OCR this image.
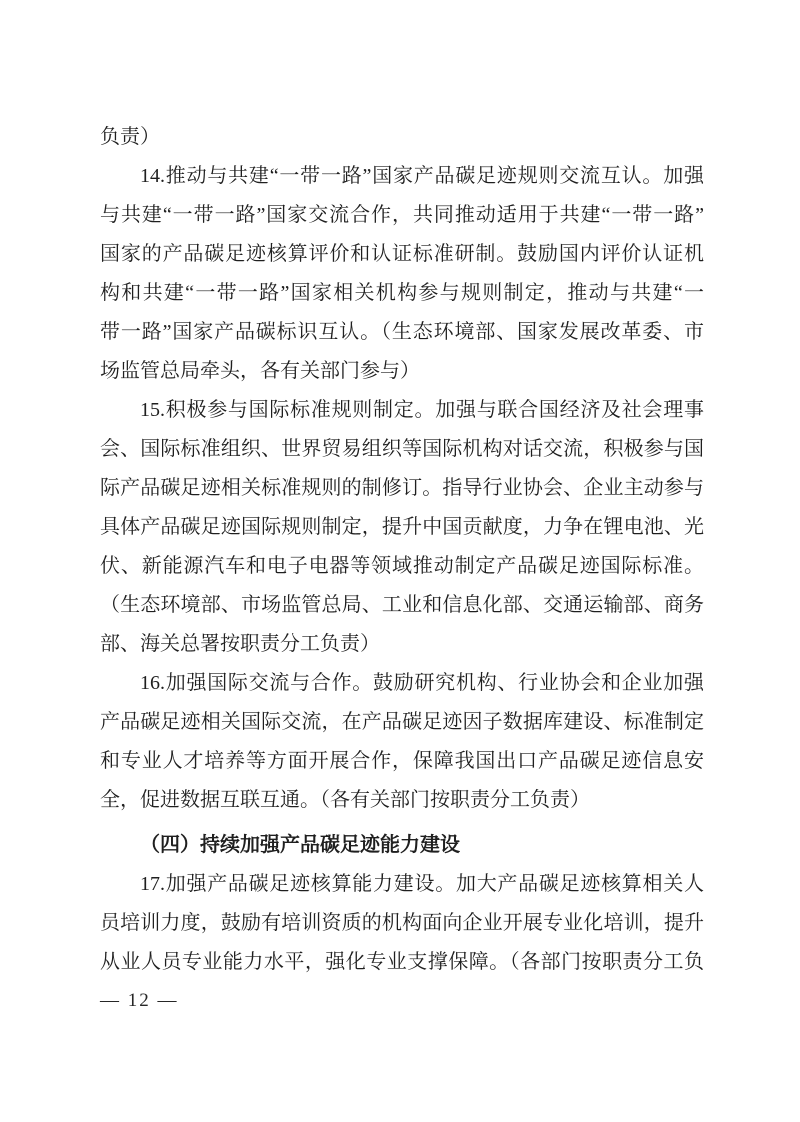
负责）
14.推动与共建“一带一路”国家产品碳足迹规则交流互认。加强
与共建“一带一路”国家交流合作，共同推动适用于共建“一带一路”
国家的产品碳足迹核算评价和认证标准研制。鼓励国内评价认证机
构和共建“一带一路”国家相关机构参与规则制定，推动与共建“一
带一路”国家产品碳标识互认。（生态环境部、国家发展改革委、市
场监管总局牵头，各有关部门参与）
15.积极参与国际标准规则制定。加强与联合国经济及社会理事
会、国际标准组织、世界贸易组织等国际机构对话交流，积极参与国
际产品碳足迹相关标准规则的制修订。指导行业协会、企业主动参与
具体产品碳足迹国际规则制定，提升中国贡献度，力争在锂电池、光
伏、新能源汽车和电子电器等领域推动制定产品碳足迹国际标准。
（生态环境部、市场监管总局、工业和信息化部、交通运输部、商务
部、海关总署按职责分工负责）
16.加强国际交流与合作。鼓励研究机构、行业协会和企业加强
产品碳足迹相关国际交流，在产品碳足迹因子数据库建设、标准制定
和专业人才培养等方面开展合作，保障我国出口产品碳足迹信息安
全，促进数据互联互通。（各有关部门按职责分工负责）
（四）持续加强产品碳足迹能力建设
17.加强产品碳足迹核算能力建设。加大产品碳足迹核算相关人
员培训力度，鼓励有培训资质的机构面向企业开展专业化培训，提升
从业人员专业能力水平，强化专业支撑保障。（各部门按职责分工负
— 12 —
